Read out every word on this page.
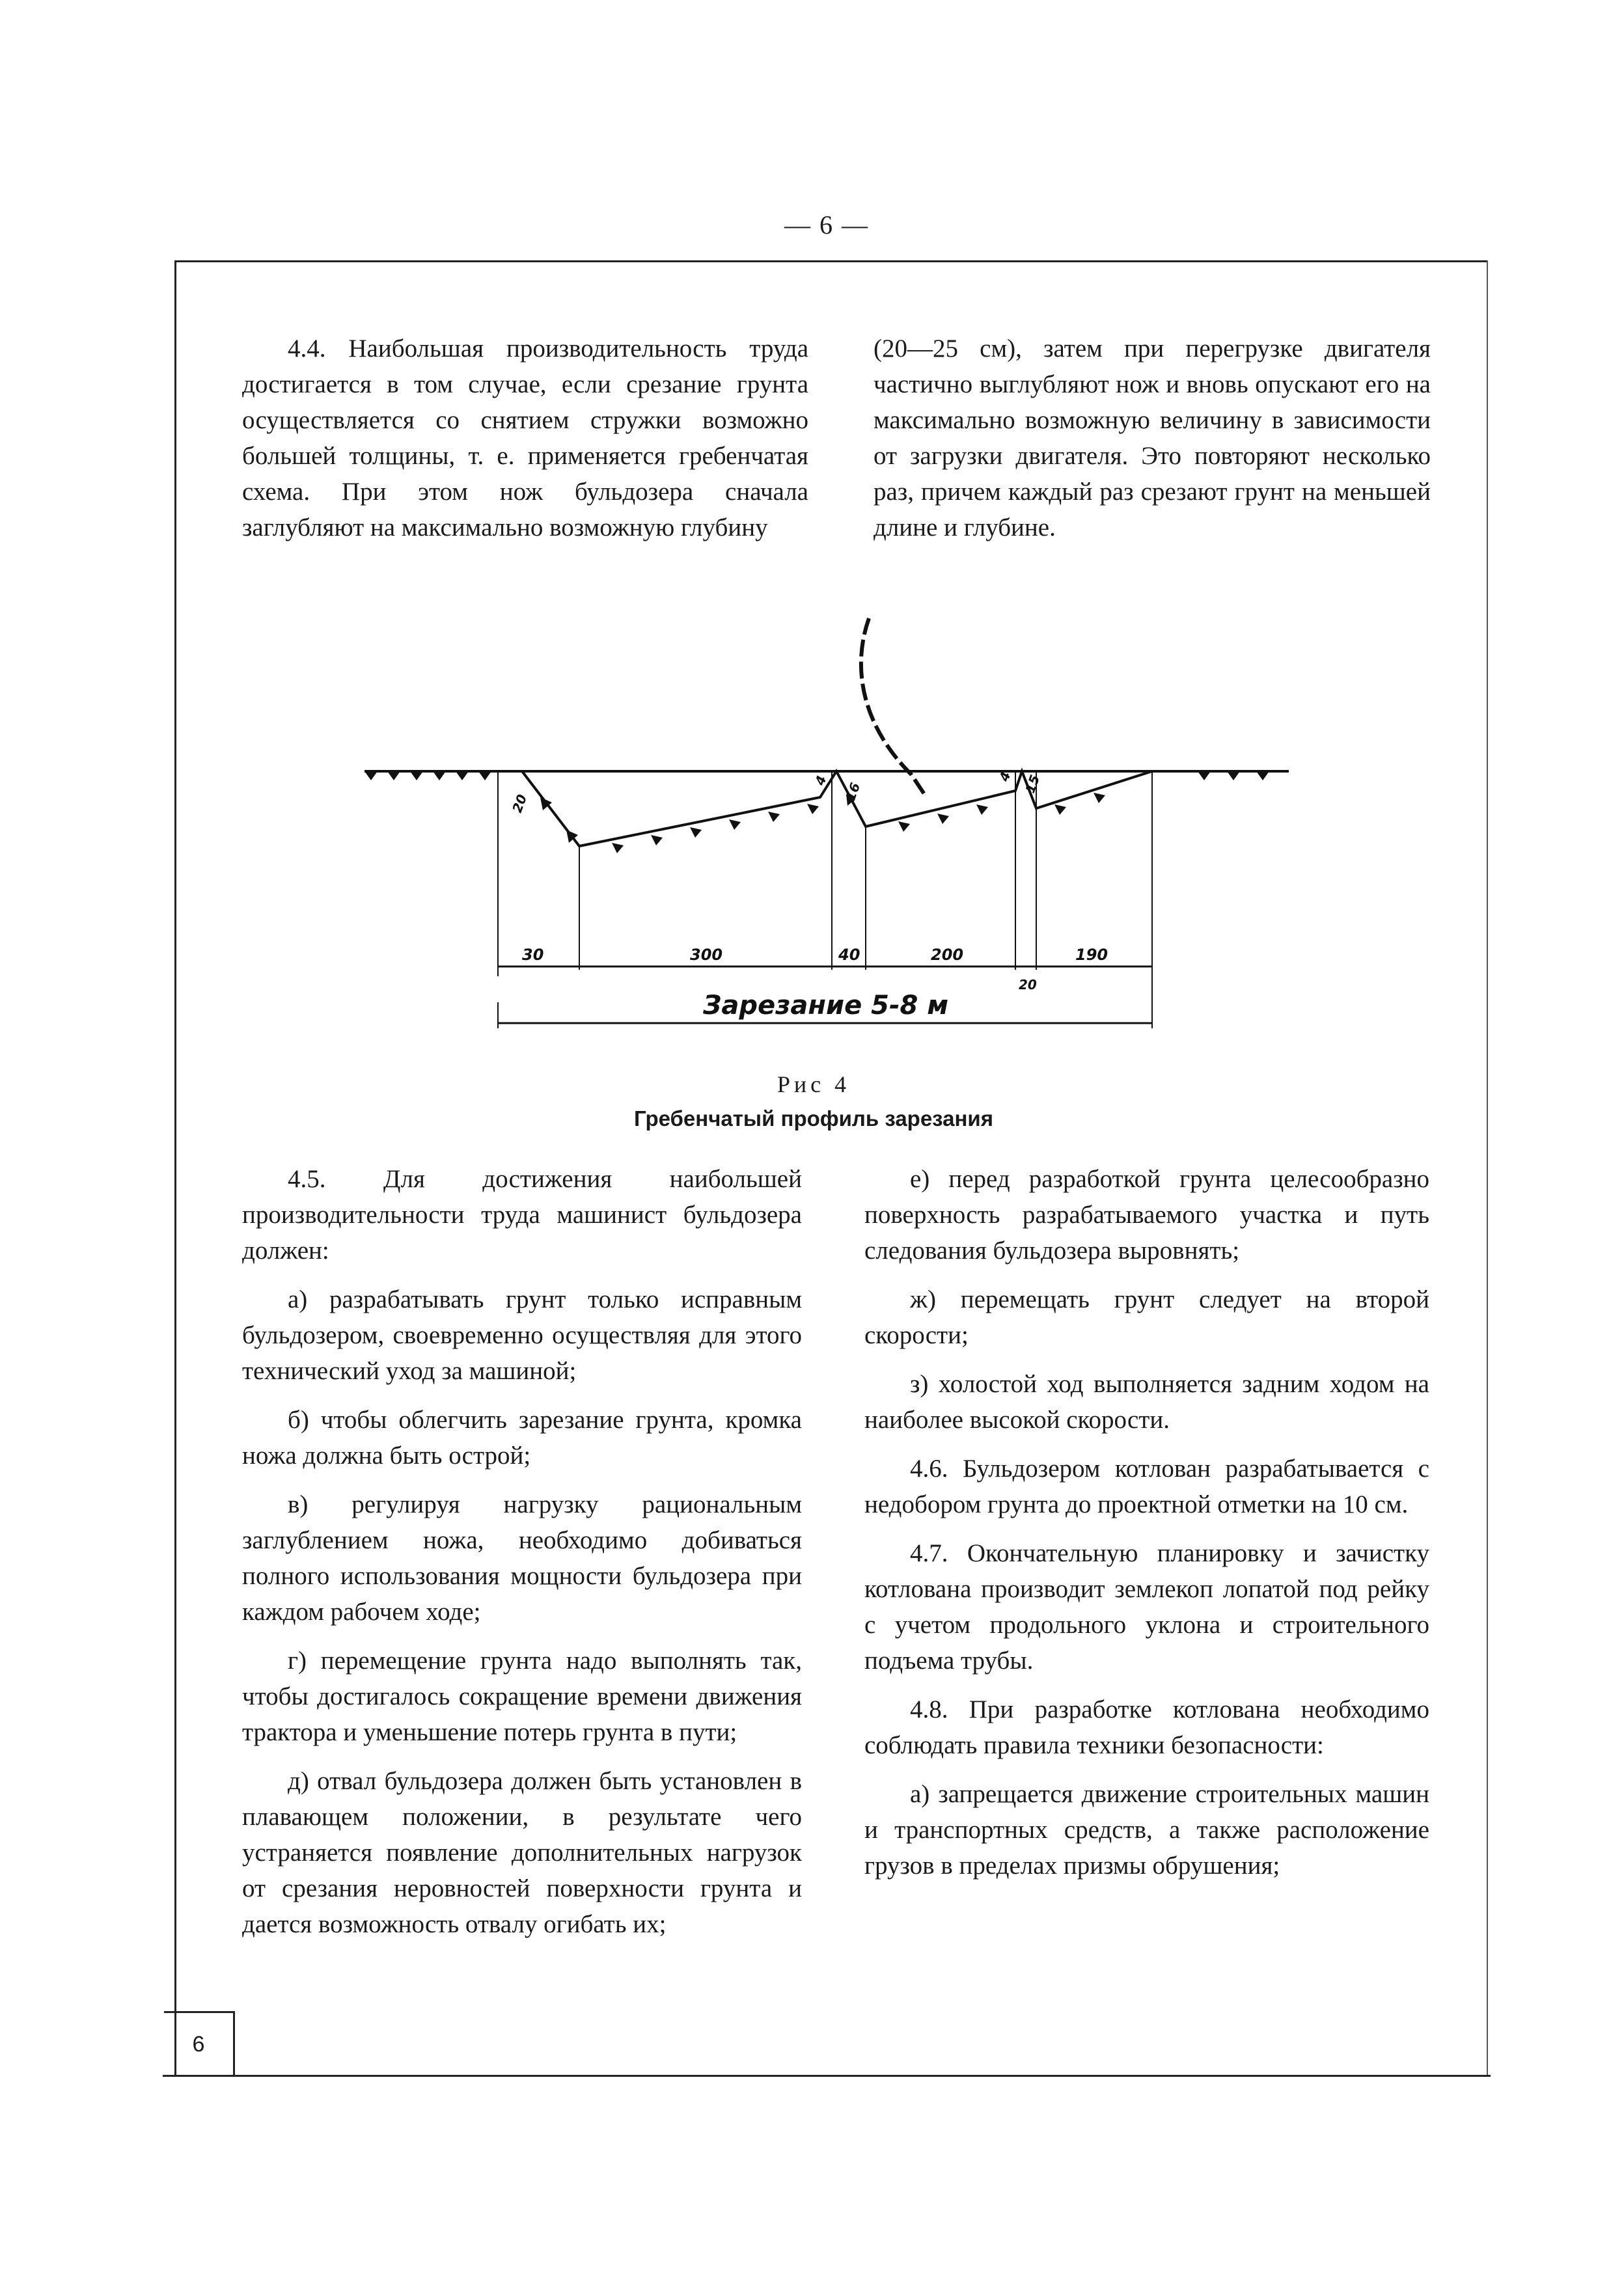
— 6 —

4.4. Наибольшая производительность труда достигается в том случае, если срезание грунта осуществляется со снятием стружки возможно большей толщины, т. е. применяется гребенчатая схема. При этом нож бульдозера сначала заглубляют на максимально возможную глубину

(20—25 см), затем при перегрузке двигателя частично выглубляют нож и вновь опускают его на максимально возможную величину в зависимости от загрузки двигателя. Это повторяют несколько раз, причем каждый раз срезают грунт на меньшей длине и глубине.

30	300	40	200
20
190
20
16
4	4 15
Зарезание 5-8 м
Рис 4
Гребенчатый профиль зарезания

4.5. Для достижения наибольшей производительности труда машинист бульдозера должен:

а) разрабатывать грунт только исправным бульдозером, своевременно осуществляя для этого технический уход за машиной;

б) чтобы облегчить зарезание грунта, кромка ножа должна быть острой;

в) регулируя нагрузку рациональным заглублением ножа, необходимо добиваться полного использования мощности бульдозера при каждом рабочем ходе;

г) перемещение грунта надо выполнять так, чтобы достигалось сокращение времени движения трактора и уменьшение потерь грунта в пути;

д) отвал бульдозера должен быть установлен в плавающем положении, в результате чего устраняется появление дополнительных нагрузок от срезания неровностей поверхности грунта и дается возможность отвалу огибать их;

е) перед разработкой грунта целесообразно поверхность разрабатываемого участка и путь следования бульдозера выровнять;

ж) перемещать грунт следует на второй скорости;

з) холостой ход выполняется задним ходом на наиболее высокой скорости.

4.6. Бульдозером котлован разрабатывается с недобором грунта до проектной отметки на 10 см.

4.7. Окончательную планировку и зачистку котлована производит землекоп лопатой под рейку с учетом продольного уклона и строительного подъема трубы.

4.8. При разработке котлована необходимо соблюдать правила техники безопасности:

а) запрещается движение строительных машин и транспортных средств, а также расположение грузов в пределах призмы обрушения;

6
